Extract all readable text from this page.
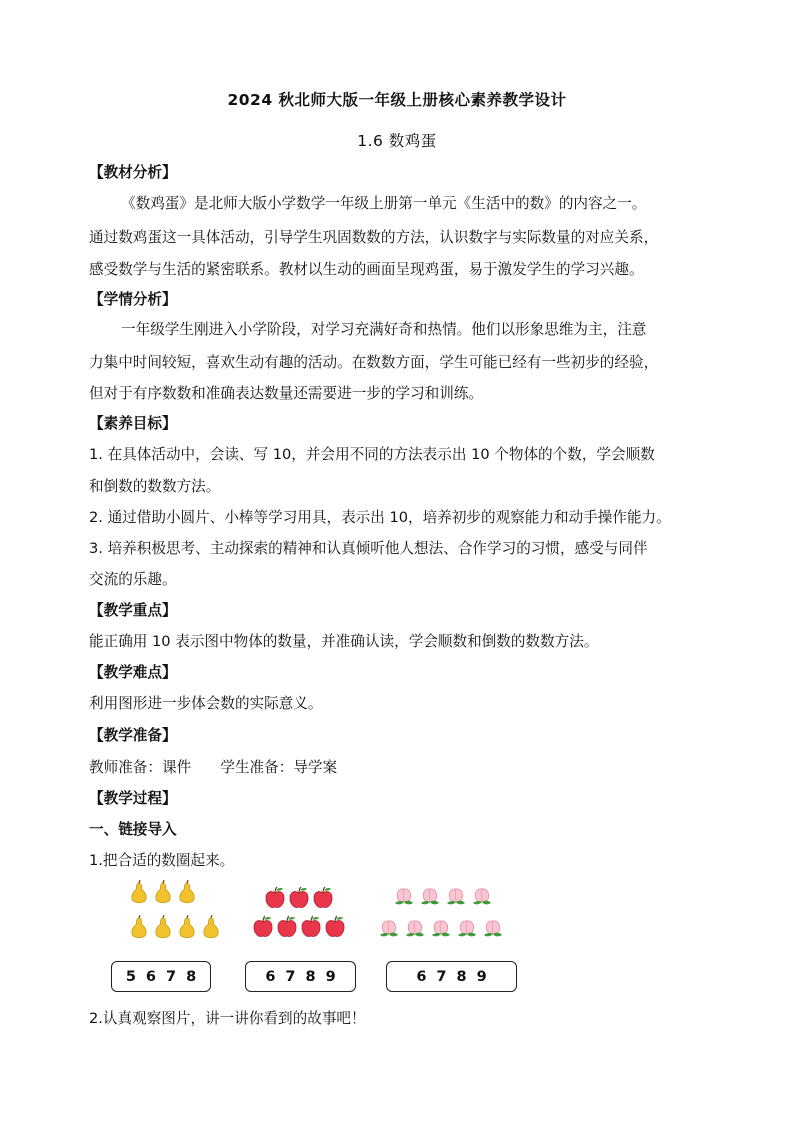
2024 秋北师大版一年级上册核心素养教学设计
1.6 数鸡蛋
【教材分析】
《数鸡蛋》是北师大版小学数学一年级上册第一单元《生活中的数》的内容之一。
通过数鸡蛋这一具体活动，引导学生巩固数数的方法，认识数字与实际数量的对应关系，
感受数学与生活的紧密联系。教材以生动的画面呈现鸡蛋，易于激发学生的学习兴趣。
【学情分析】
一年级学生刚进入小学阶段，对学习充满好奇和热情。他们以形象思维为主，注意
力集中时间较短，喜欢生动有趣的活动。在数数方面，学生可能已经有一些初步的经验，
但对于有序数数和准确表达数量还需要进一步的学习和训练。
【素养目标】
1. 在具体活动中，会读、写 10，并会用不同的方法表示出 10 个物体的个数，学会顺数
和倒数的数数方法。
2. 通过借助小圆片、小棒等学习用具，表示出 10，培养初步的观察能力和动手操作能力。
3. 培养积极思考、主动探索的精神和认真倾听他人想法、合作学习的习惯，感受与同伴
交流的乐趣。
【教学重点】
能正确用 10 表示图中物体的数量，并准确认读，学会顺数和倒数的数数方法。
【教学难点】
利用图形进一步体会数的实际意义。
【教学准备】
教师准备：课件　　学生准备：导学案
【教学过程】
一、链接导入
1.把合适的数圈起来。
5 6 7 8	6 7 8 9	6 7 8 9
2.认真观察图片，讲一讲你看到的故事吧！
